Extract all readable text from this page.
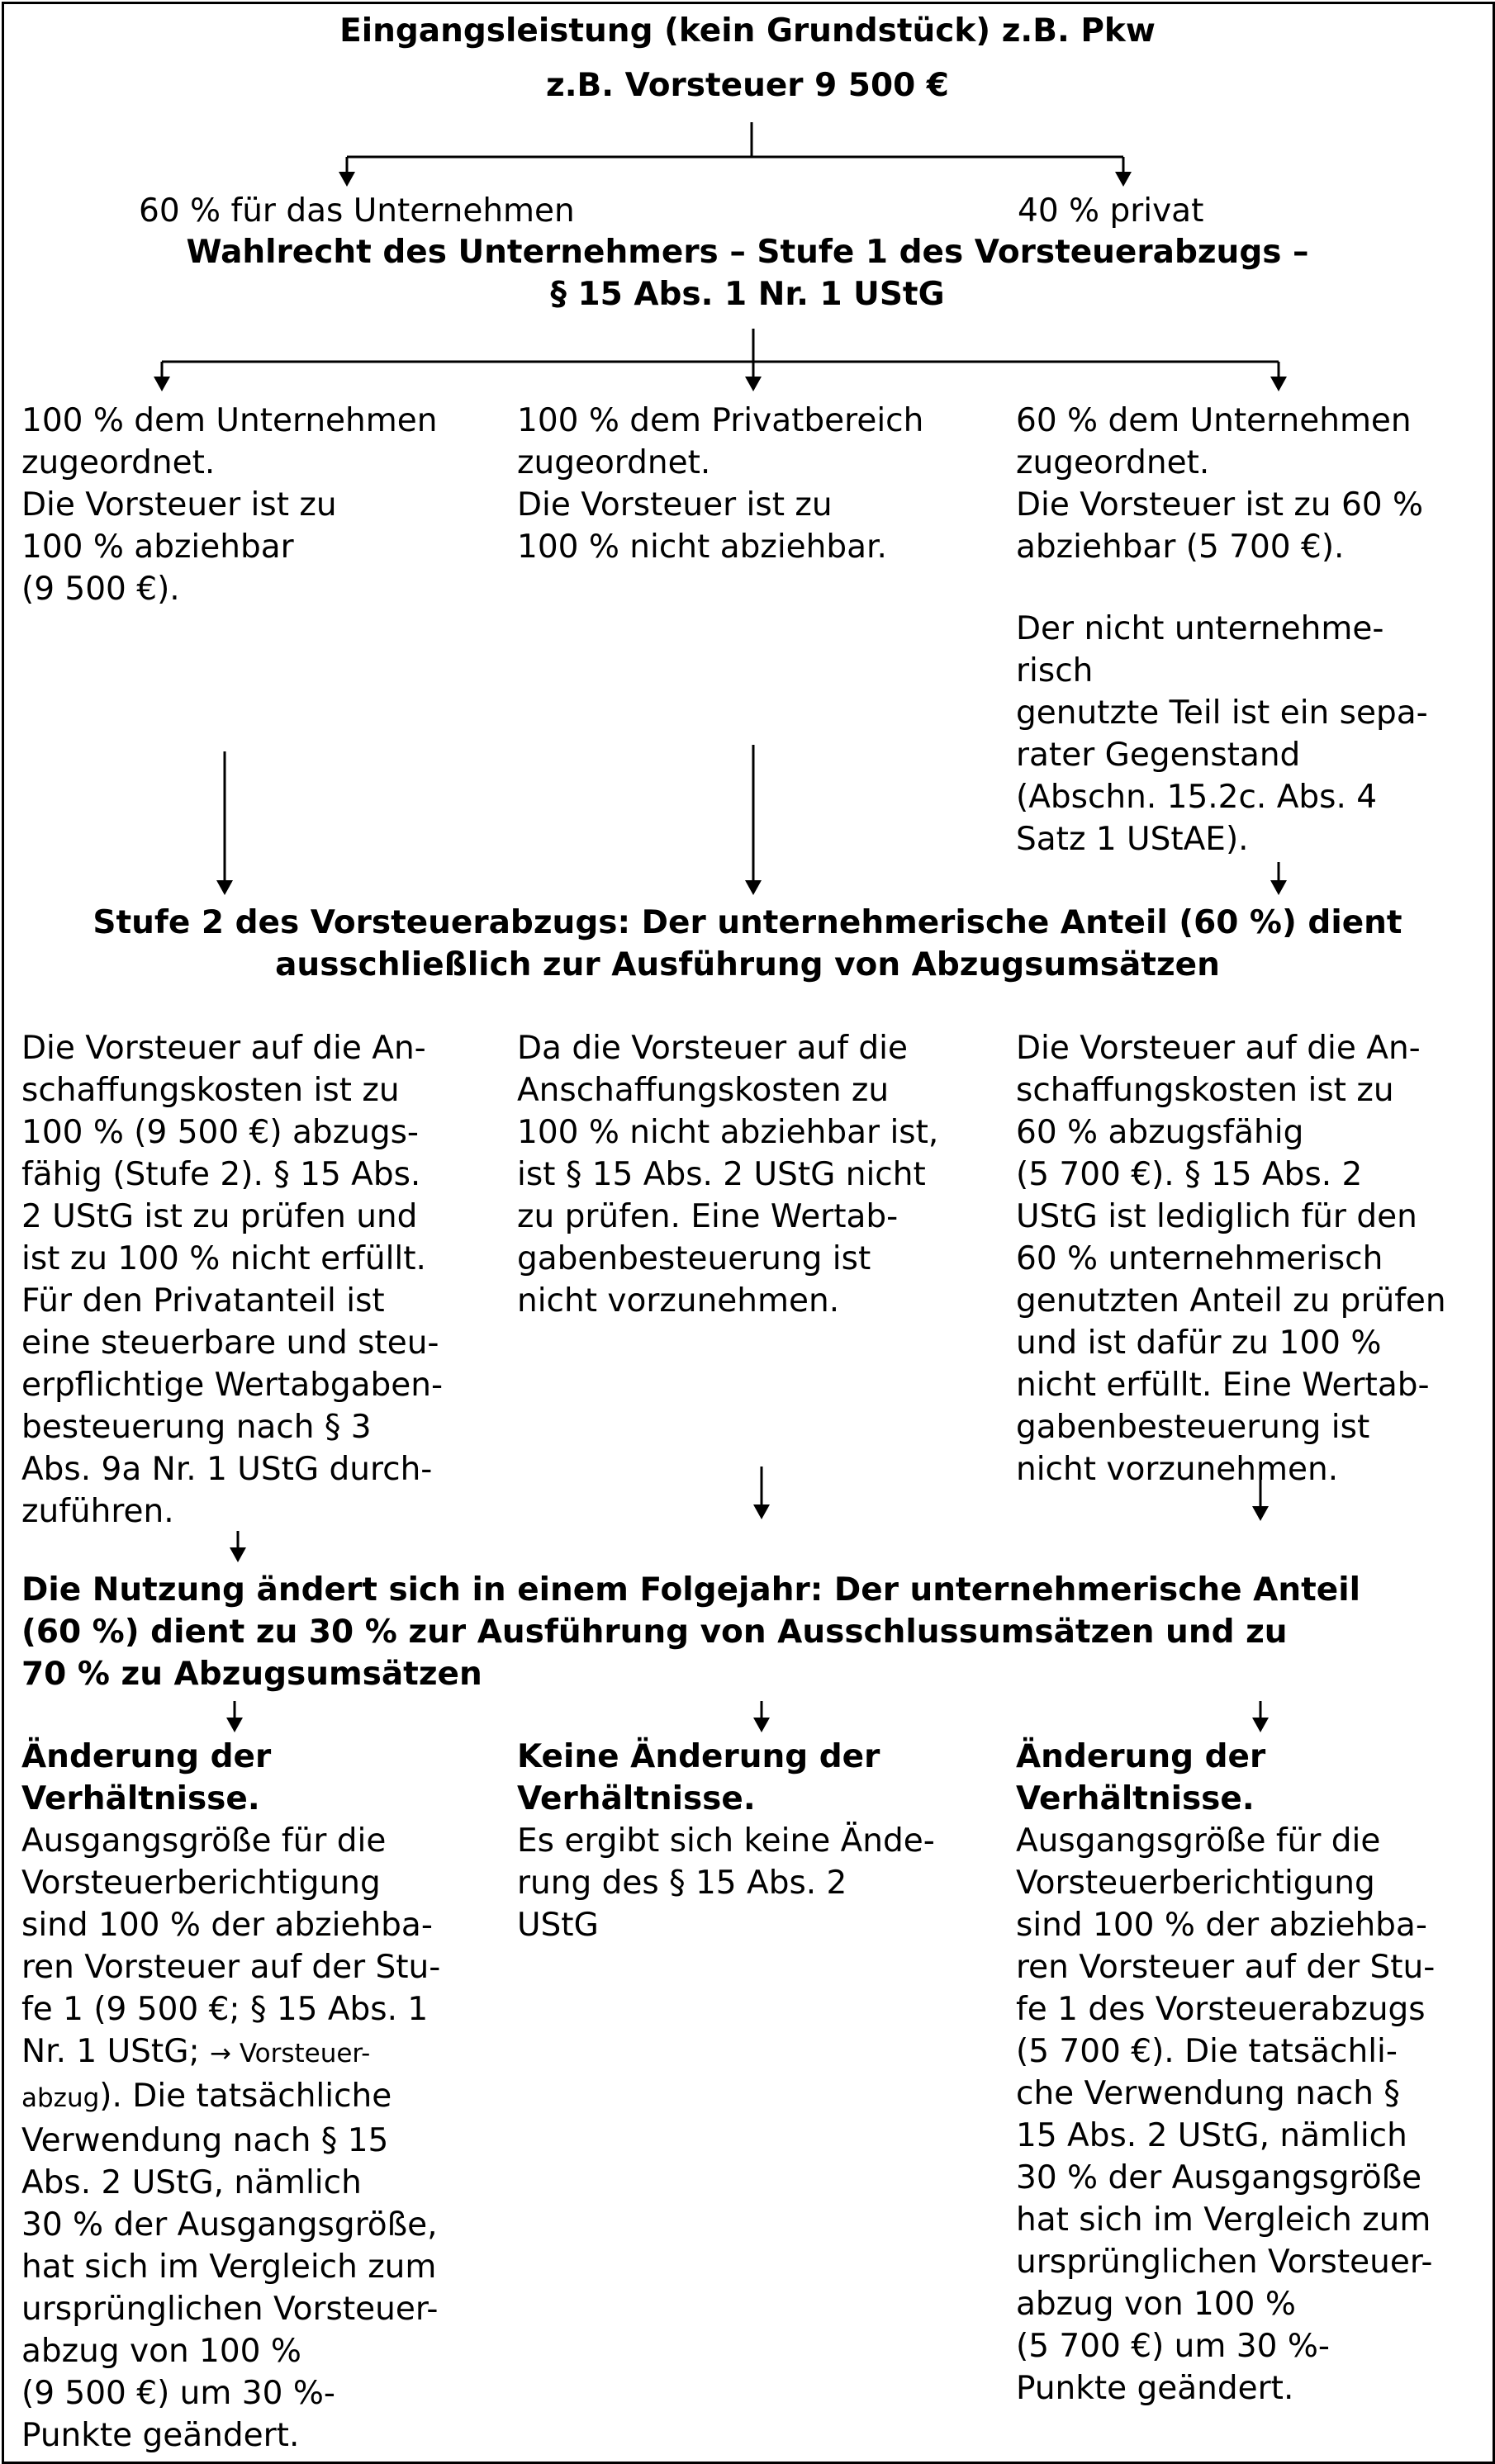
Eingangsleistung (kein Grundstück) z.B. Pkw
z.B. Vorsteuer 9 500 €
60 % für das Unternehmen	40 % privat
Wahlrecht des Unternehmers – Stufe 1 des Vorsteuerabzugs –
§ 15 Abs. 1 Nr. 1 UStG
100 % dem Unternehmen
zugeordnet.
Die Vorsteuer ist zu
100 % abziehbar
(9 500 €).
100 % dem Privatbereich
zugeordnet.
Die Vorsteuer ist zu
100 % nicht abziehbar.
60 % dem Unternehmen
zugeordnet.
Die Vorsteuer ist zu 60 %
abziehbar (5 700 €).
Der nicht unternehme-
risch
genutzte Teil ist ein sepa-
rater Gegenstand
(Abschn. 15.2c. Abs. 4
Satz 1 UStAE).
Stufe 2 des Vorsteuerabzugs: Der unternehmerische Anteil (60 %) dient
ausschließlich zur Ausführung von Abzugsumsätzen
Die Vorsteuer auf die An-
schaffungskosten ist zu
100 % (9 500 €) abzugs-
fähig (Stufe 2). § 15 Abs.
2 UStG ist zu prüfen und
ist zu 100 % nicht erfüllt.
Für den Privatanteil ist
eine steuerbare und steu-
erpflichtige Wertabgaben-
besteuerung nach § 3
Abs. 9a Nr. 1 UStG durch-
zuführen.
Da die Vorsteuer auf die
Anschaffungskosten zu
100 % nicht abziehbar ist,
ist § 15 Abs. 2 UStG nicht
zu prüfen. Eine Wertab-
gabenbesteuerung ist
nicht vorzunehmen.
Die Vorsteuer auf die An-
schaffungskosten ist zu
60 % abzugsfähig
(5 700 €). § 15 Abs. 2
UStG ist lediglich für den
60 % unternehmerisch
genutzten Anteil zu prüfen
und ist dafür zu 100 %
nicht erfüllt. Eine Wertab-
gabenbesteuerung ist
nicht vorzunehmen.
Die Nutzung ändert sich in einem Folgejahr: Der unternehmerische Anteil
(60 %) dient zu 30 % zur Ausführung von Ausschlussumsätzen und zu
70 % zu Abzugsumsätzen
Änderung der
Verhältnisse.
Ausgangsgröße für die
Vorsteuerberichtigung
sind 100 % der abziehba-
ren Vorsteuer auf der Stu-
fe 1 (9 500 €; § 15 Abs. 1
Nr. 1 UStG; → Vorsteuer-
abzug). Die tatsächliche
Verwendung nach § 15
Abs. 2 UStG, nämlich
30 % der Ausgangsgröße,
hat sich im Vergleich zum
ursprünglichen Vorsteuer-
abzug von 100 %
(9 500 €) um 30 %-
Punkte geändert.
Keine Änderung der
Verhältnisse.
Es ergibt sich keine Ände-
rung des § 15 Abs. 2
UStG
Änderung der
Verhältnisse.
Ausgangsgröße für die
Vorsteuerberichtigung
sind 100 % der abziehba-
ren Vorsteuer auf der Stu-
fe 1 des Vorsteuerabzugs
(5 700 €). Die tatsächli-
che Verwendung nach §
15 Abs. 2 UStG, nämlich
30 % der Ausgangsgröße
hat sich im Vergleich zum
ursprünglichen Vorsteuer-
abzug von 100 %
(5 700 €) um 30 %-
Punkte geändert.
